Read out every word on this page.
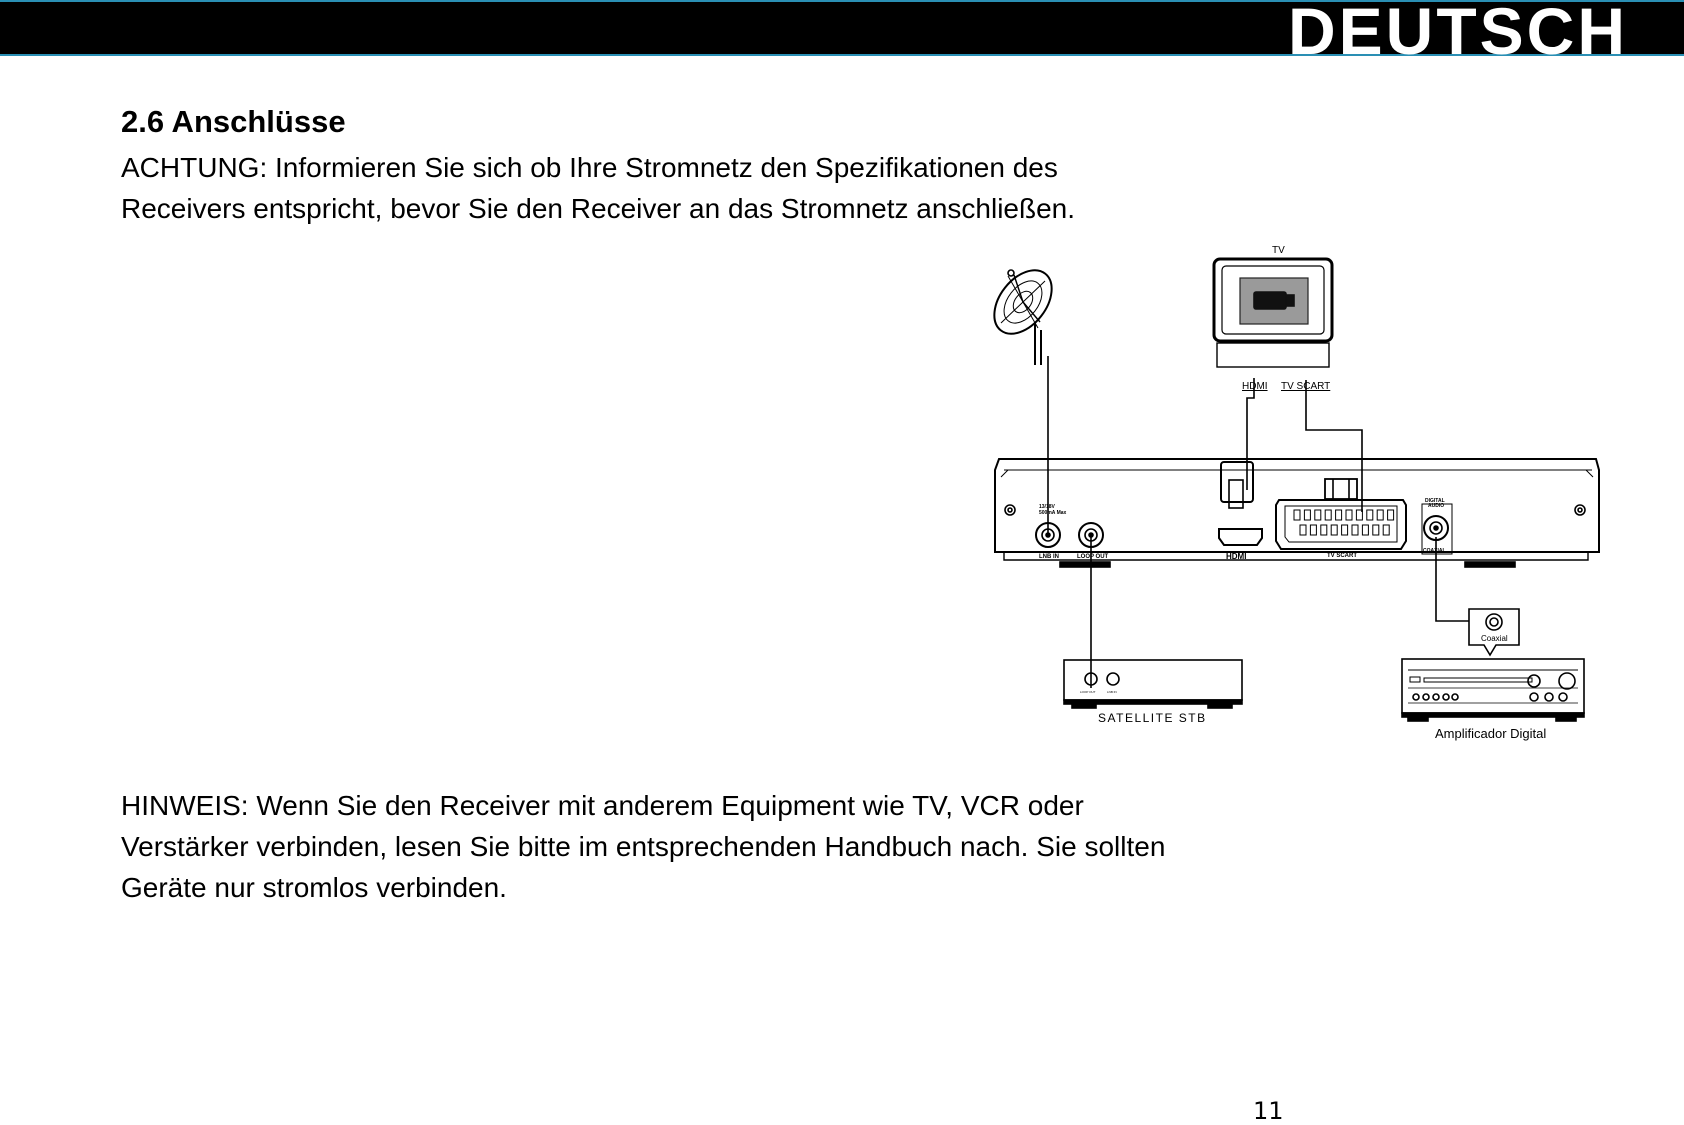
DEUTSCH
2.6 Anschlüsse
ACHTUNG: Informieren Sie sich ob Ihre Stromnetz den Spezifikationen des
Receivers entspricht, bevor Sie den Receiver an das Stromnetz anschließen.
TV
HDMI TV SCART
13/18V
500mA Max
LNB IN	LOOP OUT	HDMI	TV SCART
DIGITAL
AUDIO
COAXIAL
LOOP OUT	LNB IN
SATELLITE STB
Coaxial
Amplificador Digital
HINWEIS: Wenn Sie den Receiver mit anderem Equipment wie TV, VCR oder
Verstärker verbinden, lesen Sie bitte im entsprechenden Handbuch nach. Sie sollten
Geräte nur stromlos verbinden.
11
